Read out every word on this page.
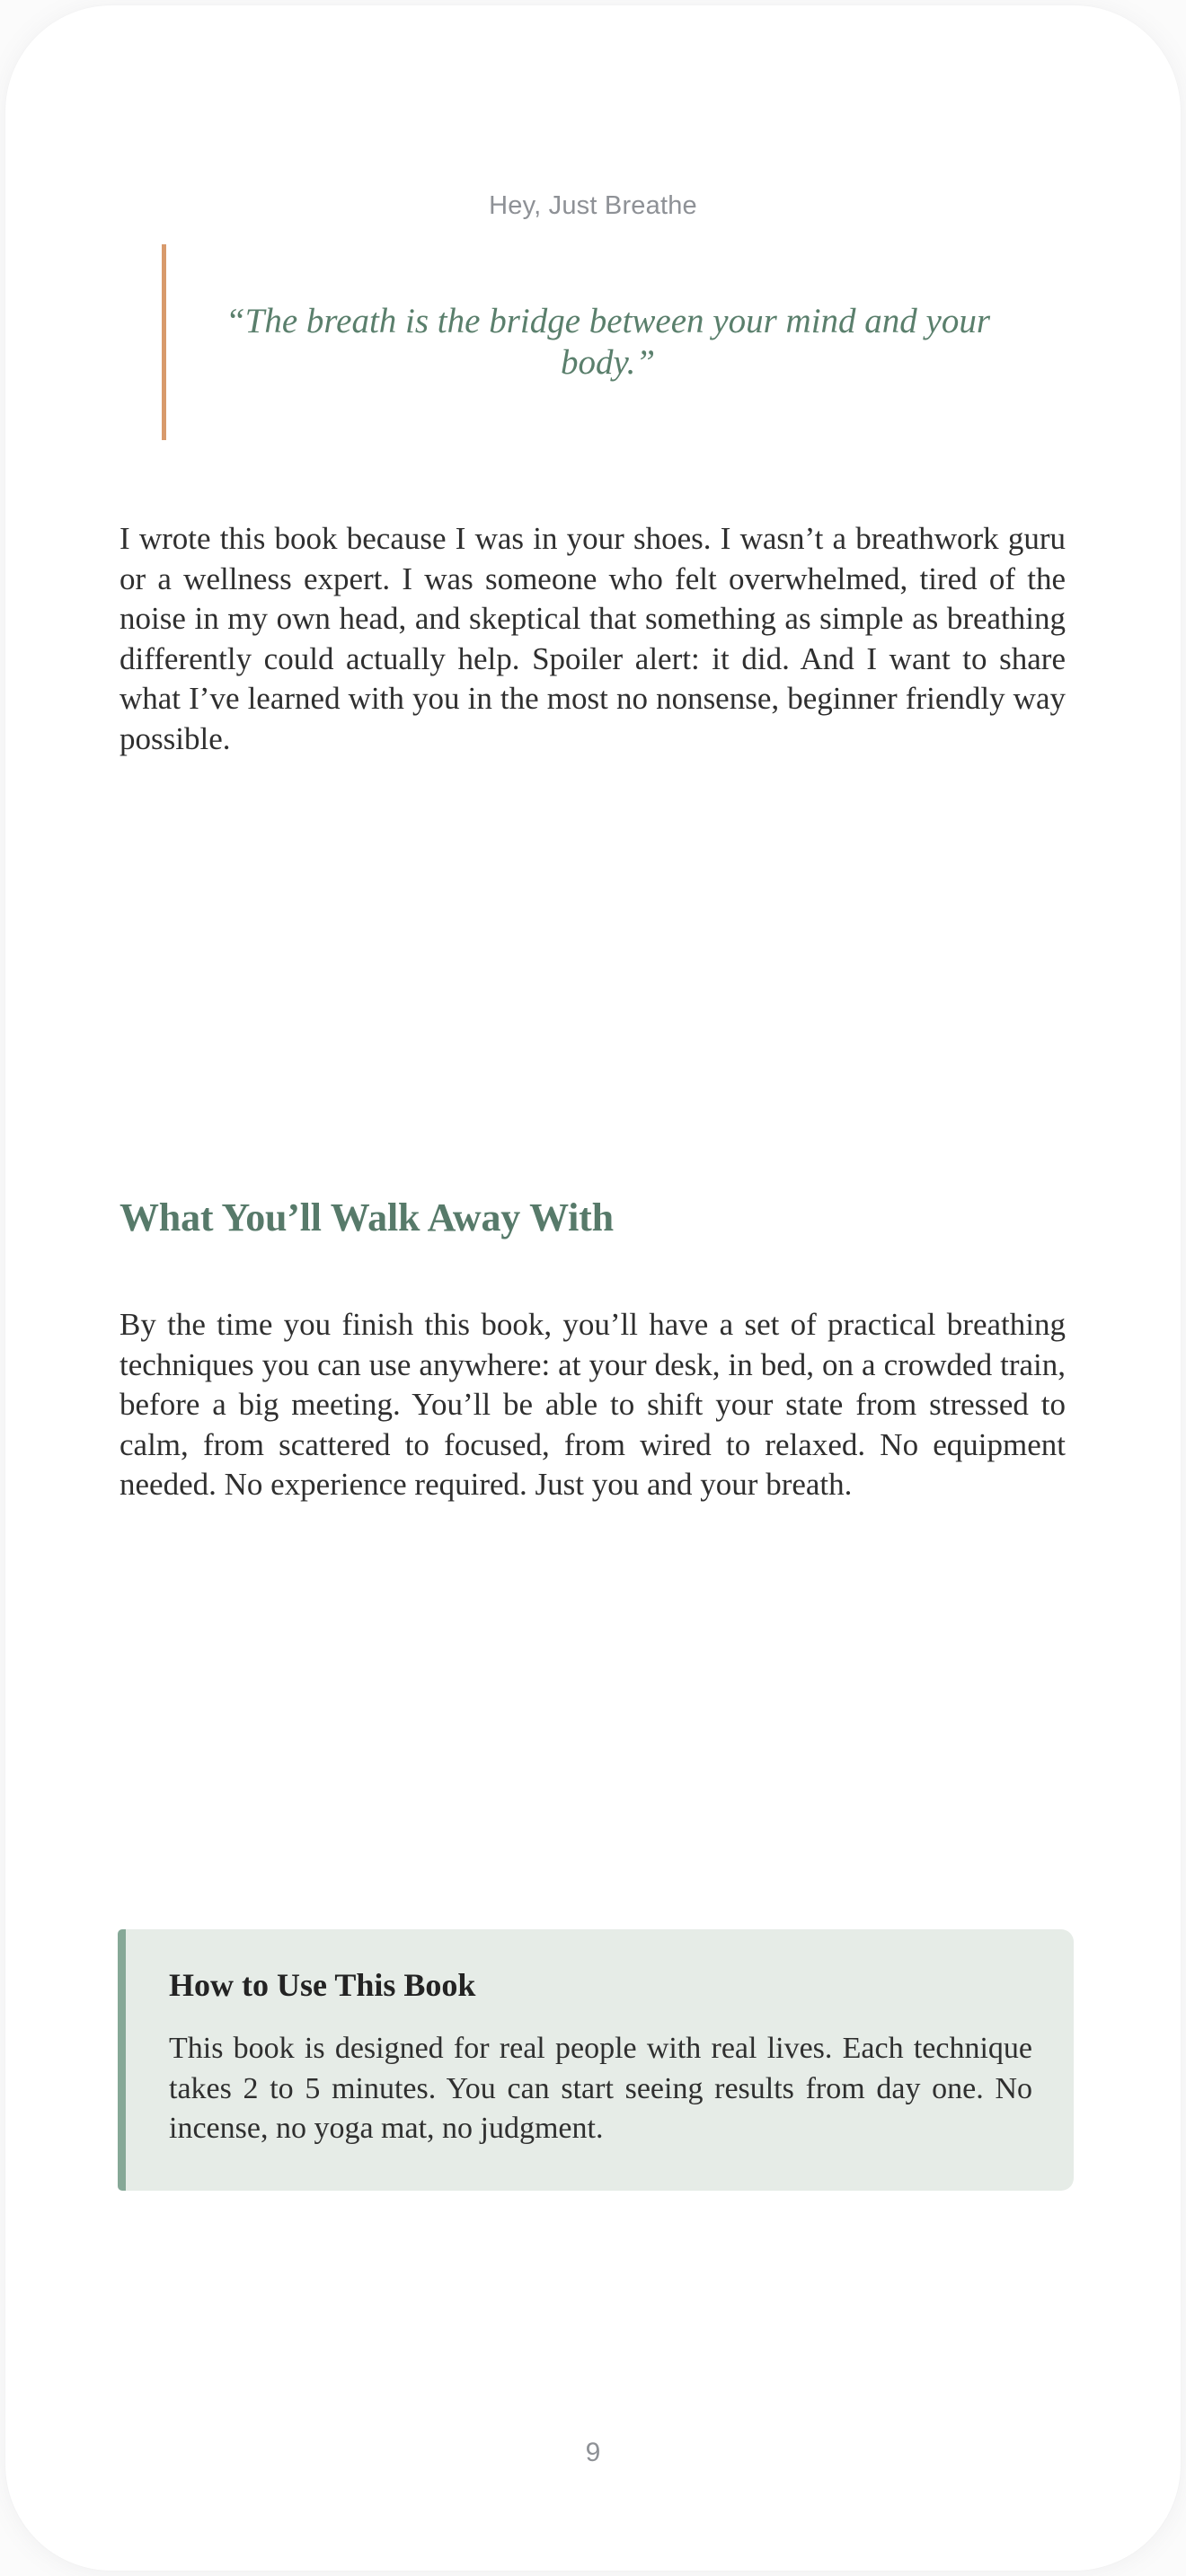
Hey, Just Breathe
“The breath is the bridge between your mind and your body.”
I wrote this book because I was in your shoes. I wasn’t a breathwork guru or a wellness expert. I was someone who felt overwhelmed, tired of the noise in my own head, and skeptical that something as simple as breathing differently could actually help. Spoiler alert: it did. And I want to share what I’ve learned with you in the most no nonsense, beginner friendly way possible.
What You’ll Walk Away With
By the time you finish this book, you’ll have a set of practical breathing techniques you can use anywhere: at your desk, in bed, on a crowded train, before a big meeting. You’ll be able to shift your state from stressed to calm, from scattered to focused, from wired to relaxed. No equipment needed. No experience required. Just you and your breath.
How to Use This Book
This book is designed for real people with real lives. Each technique takes 2 to 5 minutes. You can start seeing results from day one. No incense, no yoga mat, no judgment.
9
